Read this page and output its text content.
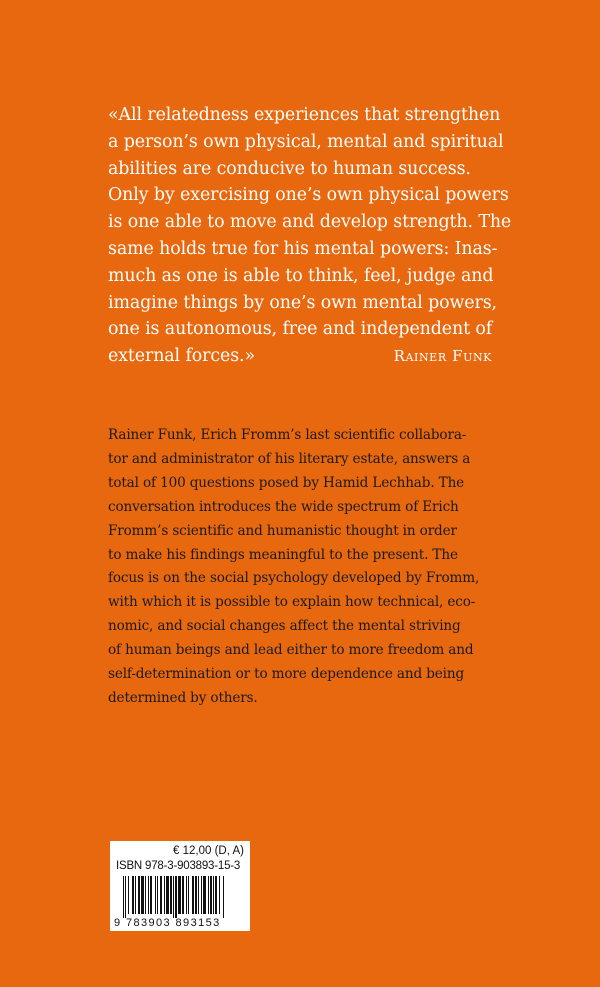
«All relatedness experiences that strengthen
a person’s own physical, mental and spiritual
abilities are conducive to human success.
Only by exercising one’s own physical powers
is one able to move and develop strength. The
same holds true for his mental powers: Inas-
much as one is able to think, feel, judge and
imagine things by one’s own mental powers,
one is autonomous, free and independent of
external forces.»	Rainer Funk

Rainer Funk, Erich Fromm’s last scientific collabora-
tor and administrator of his literary estate, answers a
total of 100 questions posed by Hamid Lechhab. The
conversation introduces the wide spectrum of Erich
Fromm’s scientific and humanistic thought in order
to make his findings meaningful to the present. The
focus is on the social psychology developed by Fromm,
with which it is possible to explain how technical, eco-
nomic, and social changes affect the mental striving
of human beings and lead either to more freedom and
self-determination or to more dependence and being
determined by others.

€ 12,00 (D, A)

ISBN 978-3-903893-15-3

9 783903 893153
